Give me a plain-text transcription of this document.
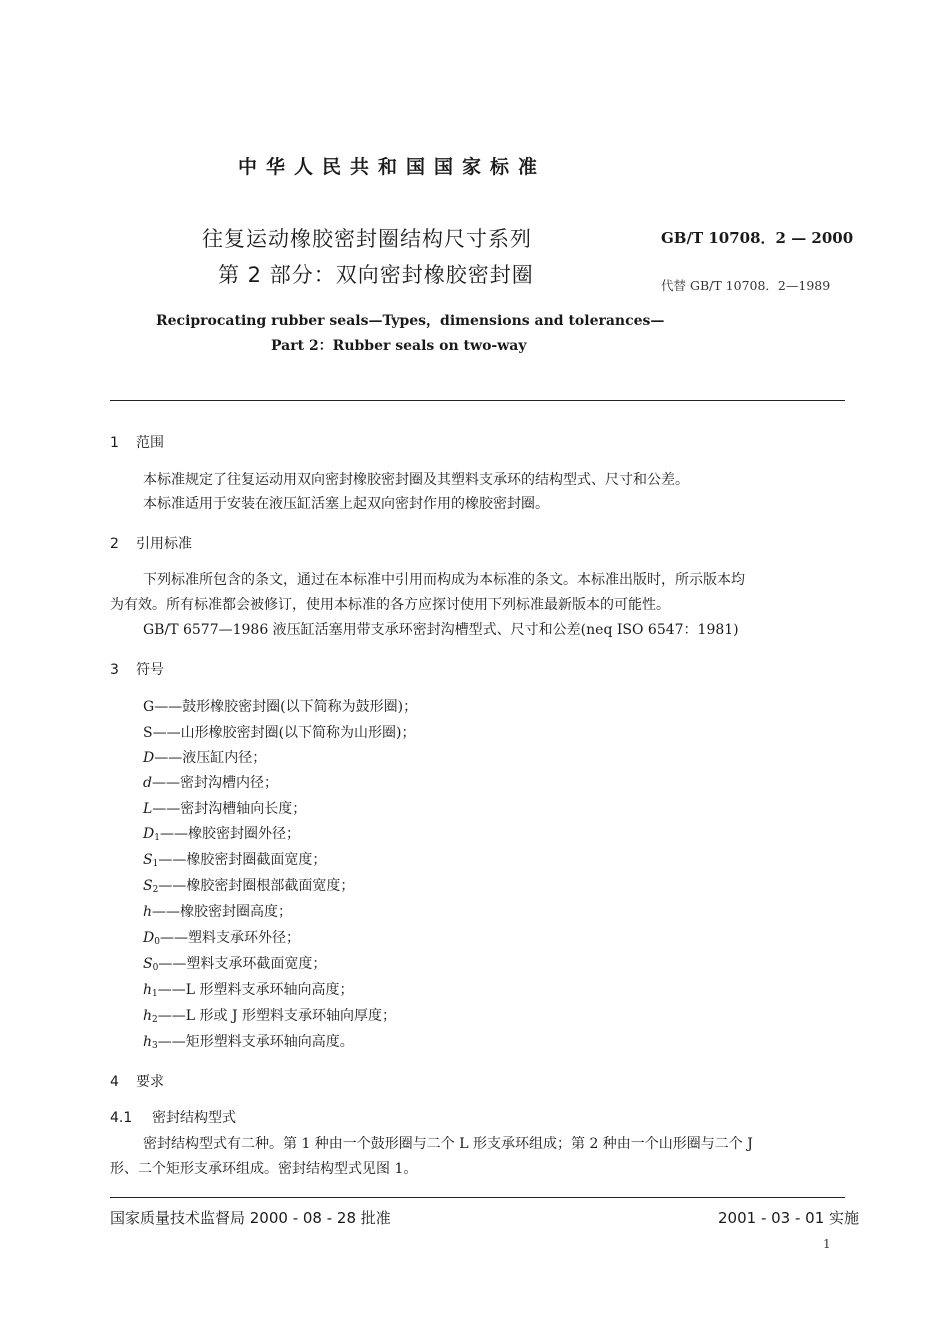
中华人民共和国国家标准
往复运动橡胶密封圈结构尺寸系列
第 2 部分：双向密封橡胶密封圈
GB/T 10708．2 — 2000
代替 GB/T 10708．2—1989
Reciprocating rubber seals—Types，dimensions and tolerances—
Part 2：Rubber seals on two-way
1 范围
本标准规定了往复运动用双向密封橡胶密封圈及其塑料支承环的结构型式、尺寸和公差。
本标准适用于安装在液压缸活塞上起双向密封作用的橡胶密封圈。
2 引用标准
下列标准所包含的条文，通过在本标准中引用而构成为本标准的条文。本标准出版时，所示版本均
为有效。所有标准都会被修订，使用本标准的各方应探讨使用下列标准最新版本的可能性。
GB/T 6577—1986 液压缸活塞用带支承环密封沟槽型式、尺寸和公差(neq ISO 6547：1981)
3 符号
G——鼓形橡胶密封圈(以下简称为鼓形圈)；
S——山形橡胶密封圈(以下简称为山形圈)；
D——液压缸内径；
d——密封沟槽内径；
L——密封沟槽轴向长度；
$D_1——$橡胶密封圈外径；
$S_1——$橡胶密封圈截面宽度；
$S_2——$橡胶密封圈根部截面宽度；
h——橡胶密封圈高度；
$D_0——$塑料支承环外径；
$S_0——$塑料支承环截面宽度；
$h_1——L$ 形塑料支承环轴向高度；
$h_2——L$ 形或 J 形塑料支承环轴向厚度；
$h_3——$矩形塑料支承环轴向高度。
4 要求
4.1 密封结构型式
密封结构型式有二种。第 1 种由一个鼓形圈与二个 L 形支承环组成；第 2 种由一个山形圈与二个 J
形、二个矩形支承环组成。密封结构型式见图 1。
国家质量技术监督局 2000 - 08 - 28 批准	2001 - 03 - 01 实施
1
